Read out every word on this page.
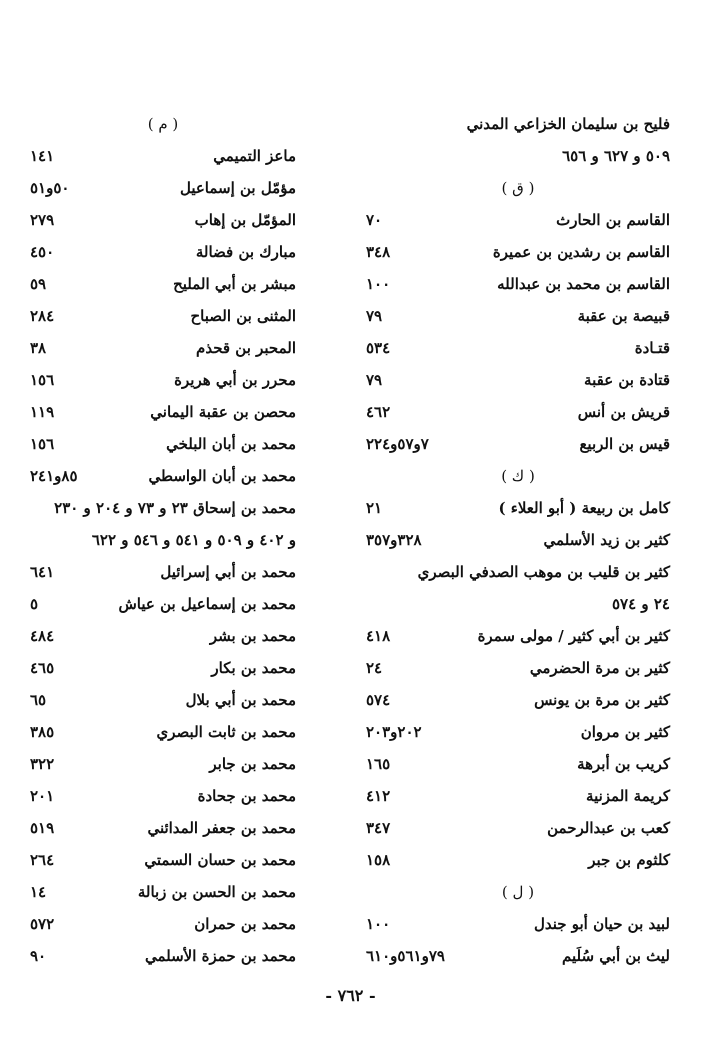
فليح بن سليمان الخزاعي المدني
٥٠٩ و ٦٢٧ و ٦٥٦
( ق )
القاسم بن الحارث
٧٠
القاسم بن رشدين بن عميرة
٣٤٨
القاسم بن محمد بن عبدالله
١٠٠
قبيصة بن عقبة
٧٩
قتـادة
٥٣٤
قتادة بن عقبة
٧٩
قريش بن أنس
٤٦٢
قيس بن الربيع
٧و٥٧و٢٢٤
( ك )
كامل بن ربيعة ( أبو العلاء )
٢١
كثير بن زيد الأسلمي
٣٢٨و٣٥٧
كثير بن قليب بن موهب الصدفي البصري
٢٤ و ٥٧٤
كثير بن أبي كثير / مولى سمرة
٤١٨
كثير بن مرة الحضرمي
٢٤
كثير بن مرة بن يونس
٥٧٤
كثير بن مروان
٢٠٢و٢٠٣
كريب بن أبرهة
١٦٥
كريمة المزنية
٤١٢
كعب بن عبدالرحمن
٣٤٧
كلثوم بن جبر
١٥٨
( ل )
لبيد بن حيان أبو جندل
١٠٠
ليث بن أبي سُلَيم
٧٩و٥٦١و٦١٠
( م )
ماعز التميمي
١٤١
مؤمّل بن إسماعيل
٥٠و٥١
المؤمّل بن إهاب
٢٧٩
مبارك بن فضالة
٤٥٠
مبشر بن أبي المليح
٥٩
المثنى بن الصباح
٢٨٤
المحبر بن قحذم
٣٨
محرر بن أبي هريرة
١٥٦
محصن بن عقبة اليماني
١١٩
محمد بن أبان البلخي
١٥٦
محمد بن أبان الواسطي
٨٥و٢٤١
محمد بن إسحاق ٢٣ و ٧٣ و ٢٠٤ و ٢٣٠
و ٤٠٢ و ٥٠٩ و ٥٤١ و ٥٤٦ و ٦٢٢
محمد بن أبي إسرائيل
٦٤١
محمد بن إسماعيل بن عياش
٥
محمد بن بشر
٤٨٤
محمد بن بكار
٤٦٥
محمد بن أبي بلال
٦٥
محمد بن ثابت البصري
٣٨٥
محمد بن جابر
٣٢٢
محمد بن جحادة
٢٠١
محمد بن جعفر المدائني
٥١٩
محمد بن حسان السمتي
٢٦٤
محمد بن الحسن بن زبالة
١٤
محمد بن حمران
٥٧٢
محمد بن حمزة الأسلمي
٩٠
- ٧٦٢ -
